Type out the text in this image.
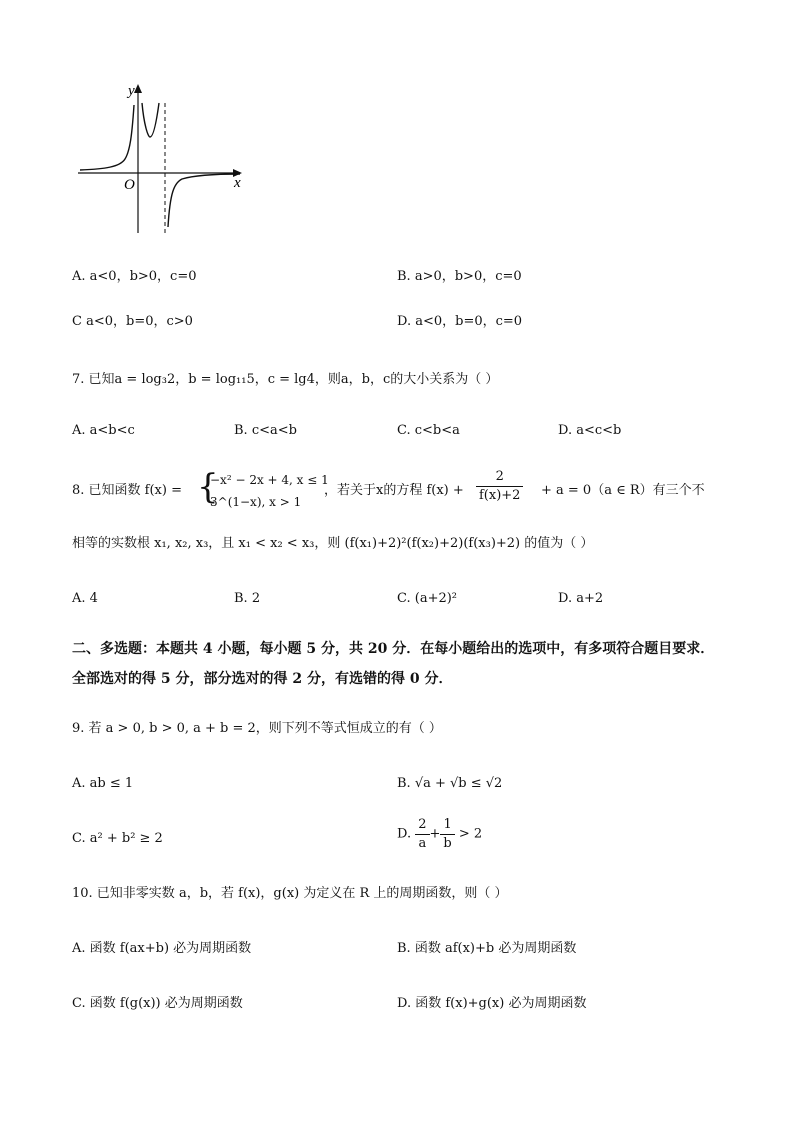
y
x
O
A. a<0，b>0，c=0	B. a>0，b>0，c=0
C a<0，b=0，c>0	D. a<0，b=0，c=0
7. 已知a = log₃2，b = log₁₁5，c = lg4，则a，b，c的大小关系为（ ）
A. a<b<c	B. c<a<b	C. c<b<a	D. a<c<b
8. 已知函数 f(x) = {
−x² − 2x + 4, x ≤ 1
3^(1−x), x > 1
，若关于x的方程 $f(x) + \frac{2}{f(x)+2} + a = 0(a$ ∈ R）有三个不
相等的实数根 x₁, x₂, x₃，且 x₁ < x₂ < x₃，则 (f(x₁)+2)²(f(x₂)+2)(f(x₃)+2) 的值为（ ）
A. 4	B. 2	C. (a+2)²	D. a+2
二、多选题：本题共 4 小题，每小题 5 分，共 20 分．在每小题给出的选项中，有多项符合题目要求．全部选对的得 5 分，部分选对的得 2 分，有选错的得 0 分．
9. 若 a > 0, b > 0, a + b = 2，则下列不等式恒成立的有（ ）
A. ab ≤ 1	B. √a + √b ≤ √2
C. a² + b² ≥ 2	D. $\frac{2}{a} + \frac{1}{b} > 2$
10. 已知非零实数 a，b，若 f(x)，g(x) 为定义在 R 上的周期函数，则（ ）
A. 函数 f(ax+b) 必为周期函数	B. 函数 af(x)+b 必为周期函数
C. 函数 f(g(x)) 必为周期函数	D. 函数 f(x)+g(x) 必为周期函数
